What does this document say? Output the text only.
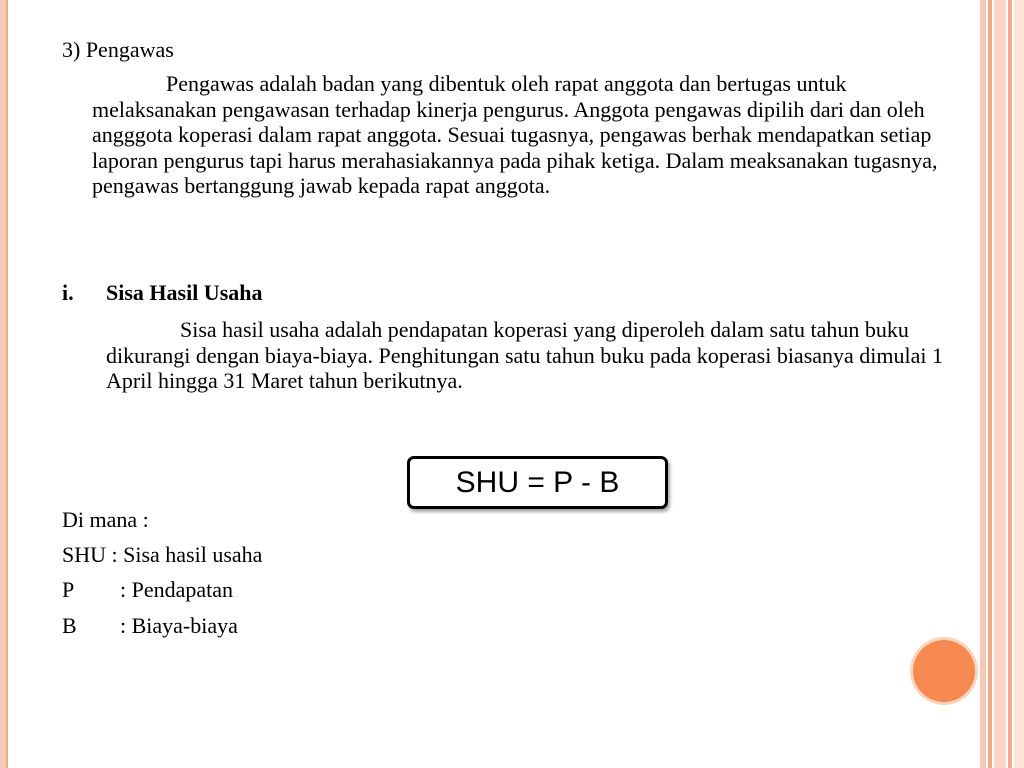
3) Pengawas

Pengawas adalah badan yang dibentuk oleh rapat anggota dan bertugas untuk melaksanakan pengawasan terhadap kinerja pengurus. Anggota pengawas dipilih dari dan oleh angggota koperasi dalam rapat anggota. Sesuai tugasnya, pengawas berhak mendapatkan setiap laporan pengurus tapi harus merahasiakannya pada pihak ketiga. Dalam meaksanakan tugasnya, pengawas bertanggung jawab kepada rapat anggota.

i. Sisa Hasil Usaha

Sisa hasil usaha adalah pendapatan koperasi yang diperoleh dalam satu tahun buku dikurangi dengan biaya-biaya. Penghitungan satu tahun buku pada koperasi biasanya dimulai 1 April hingga 31 Maret tahun berikutnya.

SHU = P - B
Di mana :
SHU : Sisa hasil usaha
P : Pendapatan
B : Biaya-biaya
